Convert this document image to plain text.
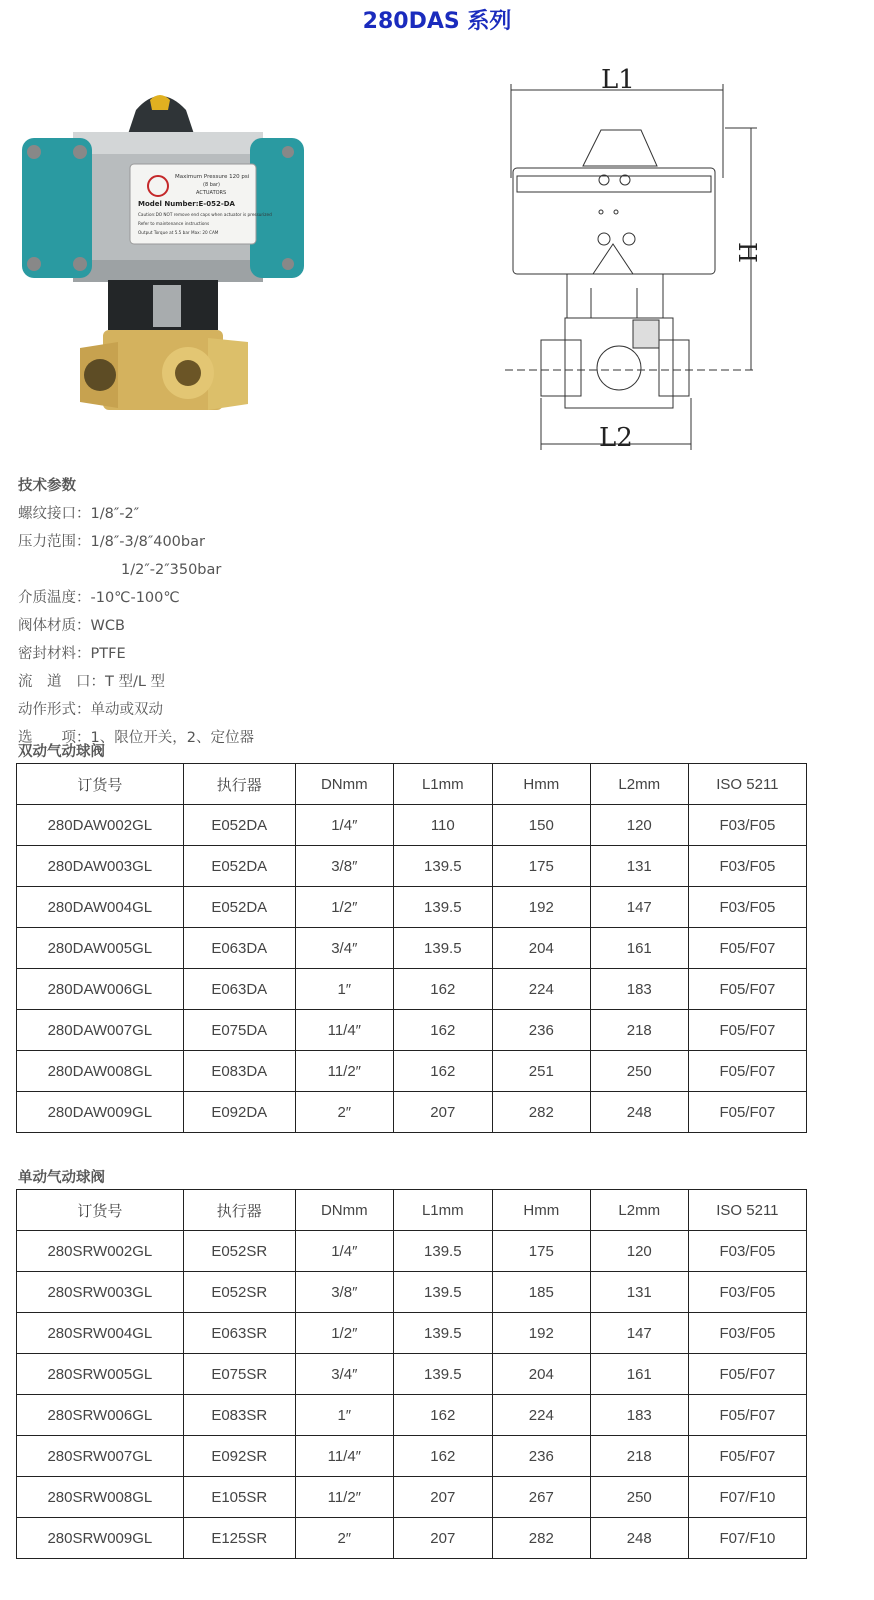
280DAS 系列
Maximum Pressure 120 psi
(8 bar)
ACTUATORS
Model Number:E-052-DA
Caution:DO NOT remove end caps when actuator is pressurized
Refer to maintenance instructions
Output Torque at 5.5 bar Max: 20 CAM
L1
H
L2
技术参数
螺纹接口：1/8″-2″
压力范围：1/8″-3/8″400bar
1/2″-2″350bar
介质温度：-10℃-100℃
阀体材质：WCB
密封材料：PTFE
流　道　口：T 型/L 型
动作形式：单动或双动
选　　项：1、限位开关，2、定位器
双动气动球阀
订货号	执行器	DNmm	L1mm	Hmm	L2mm	ISO 5211
280DAW002GL	E052DA	1/4″	110	150	120	F03/F05
280DAW003GL	E052DA	3/8″	139.5	175	131	F03/F05
280DAW004GL	E052DA	1/2″	139.5	192	147	F03/F05
280DAW005GL	E063DA	3/4″	139.5	204	161	F05/F07
280DAW006GL	E063DA	1″	162	224	183	F05/F07
280DAW007GL	E075DA	11/4″	162	236	218	F05/F07
280DAW008GL	E083DA	11/2″	162	251	250	F05/F07
280DAW009GL	E092DA	2″	207	282	248	F05/F07
单动气动球阀
订货号	执行器	DNmm	L1mm	Hmm	L2mm	ISO 5211
280SRW002GL	E052SR	1/4″	139.5	175	120	F03/F05
280SRW003GL	E052SR	3/8″	139.5	185	131	F03/F05
280SRW004GL	E063SR	1/2″	139.5	192	147	F03/F05
280SRW005GL	E075SR	3/4″	139.5	204	161	F05/F07
280SRW006GL	E083SR	1″	162	224	183	F05/F07
280SRW007GL	E092SR	11/4″	162	236	218	F05/F07
280SRW008GL	E105SR	11/2″	207	267	250	F07/F10
280SRW009GL	E125SR	2″	207	282	248	F07/F10
